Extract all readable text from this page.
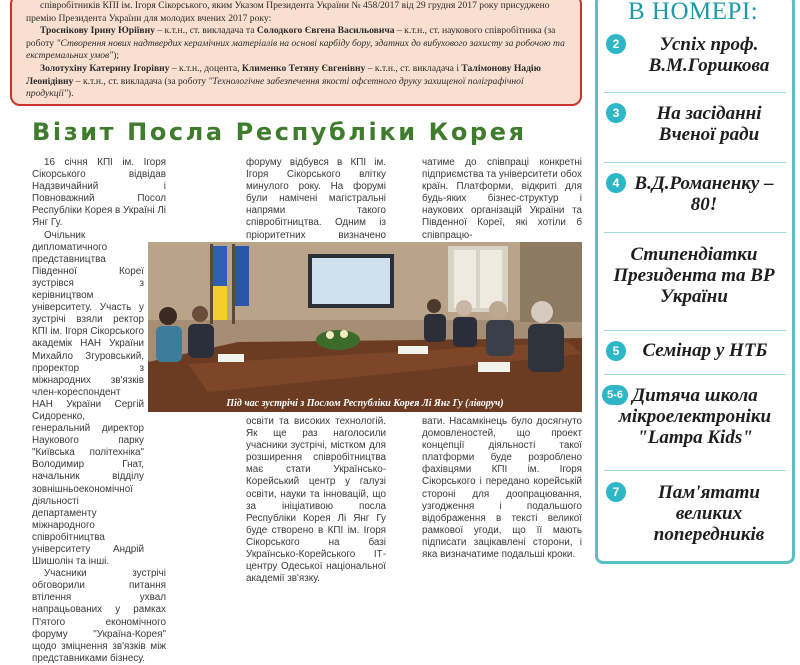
співробітників КПІ ім. Ігоря Сікорського, яким Указом Президента України № 458/2017 від 29 грудня 2017 року присуджено премію Президента України для молодих вчених 2017 року:

Троснікову Ірину Юріївну – к.т.н., ст. викладача та Солодкого Євгена Васильовича – к.т.н., ст. наукового співробітника (за роботу "Створення нових надтвердих керамічних матеріалів на основі карбіду бору, здатних до вибухового захисту за робочою та екстремальних умов");

Золотухіну Катерину Ігорівну – к.т.н., доцента, Клименко Тетяну Євгенівну – к.т.н., ст. викладача і Талімонову Надію Леонідівну – к.т.н., ст. викладача (за роботу "Технологічне забезпечення якості офсетного друку захищеної поліграфічної продукції").

Візит Посла Республіки Корея

16 січня КПІ ім. Ігоря Сікорського відвідав Надзвичайний і Повноважний Посол Республіки Корея в Україні Лі Янг Гу.

Очільник дипломатичного представництва Південної Кореї зустрівся з керівництвом університету. Участь у зустрічі взяли ректор КПІ ім. Ігоря Сікорського академік НАН України Михайло Згуровський, проректор з міжнародних зв'язків член-кореспондент НАН України Сергій Сидоренко, генеральний директор Наукового парку "Київська політехніка" Володимир Гнат, начальник відділу зовнішньоекономічної діяльності департаменту міжнародного співробітництва університету Андрій Шишолін та інші.

Учасники зустрічі обговорили питання втілення ухвал напрацьованих у рамках П'ятого економічного форуму "Україна-Корея" щодо зміцнення зв'язків між представниками бізнесу.

форуму відбувся в КПІ ім. Ігоря Сікорського влітку минулого року. На форумі були намічені магістральні напрями такого співробітництва. Одним із пріоритетних визначено

чатиме до співпраці конкретні підприємства та університети обох країн. Платформи, відкриті для будь-яких бізнес-структур і наукових організацій України та Південної Кореї, які хотіли б співпрацю-

Під час зустрічі з Послом Республіки Корея Лі Янг Гу (ліворуч)

освіти та високих технологій. Як ще раз наголосили учасники зустрічі, містком для розширення співробітництва має стати Українсько-Корейський центр у галузі освіти, науки та інновацій, що за ініціативою посла Республіки Корея Лі Янг Гу буде створено в КПІ ім. Ігоря Сікорського на базі Українсько-Корейського ІТ-центру Одеської національної академії зв'язку.

вати. Насамкінець було досягнуто домовленостей, що проект концепції діяльності такої платформи буде розроблено фахівцями КПІ ім. Ігоря Сікорського і передано корейській стороні для доопрацювання, узгодження і подальшого відображення в тексті великої рамкової угоди, що її мають підписати зацікавлені сторони, і яка визначатиме подальші кроки.

В НОМЕРІ:
2	Успіх проф. В.М.Горшкова
3	На засіданні Вченої ради
4 В.Д.Романенку – 80!
Стипендіатки Президента та ВР України
5	Семінар у НТБ
5-6 Дитяча школа мікроелектроніки "Lampa Kids"
7	Пам'ятати великих попередників
